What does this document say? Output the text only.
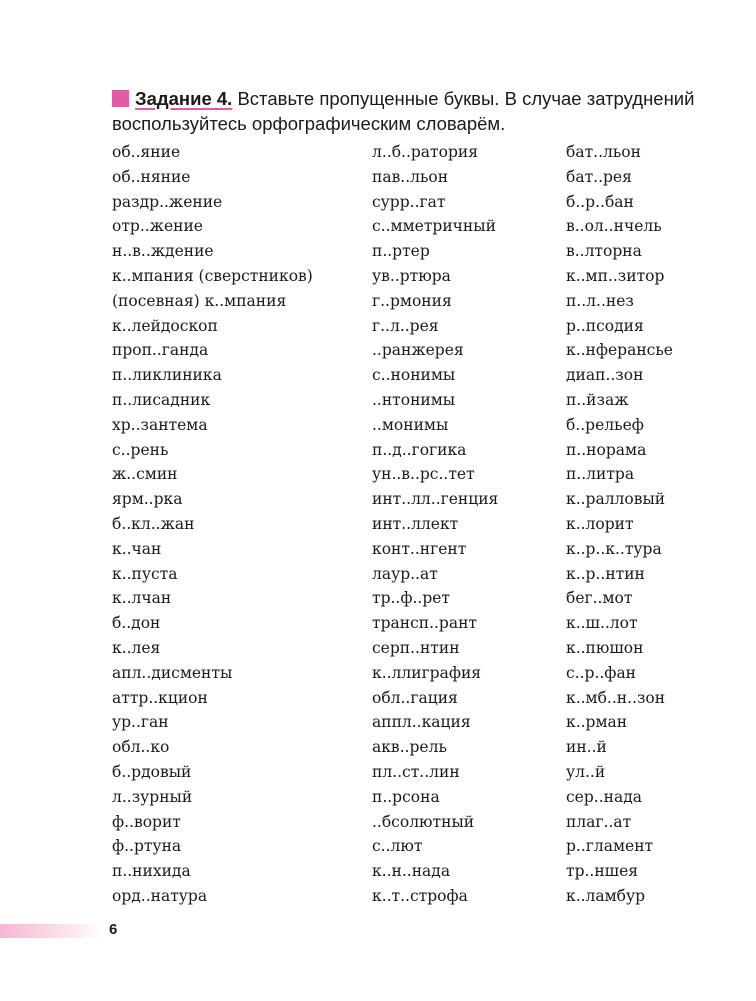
Задание 4. Вставьте пропущенные буквы. В случае затруднений воспользуйтесь орфографическим словарём.
об..яние
об..няние
раздр..жение
отр..жение
н..в..ждение
к..мпания (сверстников)
(посевная) к..мпания
к..лейдоскоп
проп..ганда
п..ликлиника
п..лисадник
хр..зантема
с..рень
ж..смин
ярм..рка
б..кл..жан
к..чан
к..пуста
к..лчан
б..дон
к..лея
апл..дисменты
аттр..кцион
ур..ган
обл..ко
б..рдовый
л..зурный
ф..ворит
ф..ртуна
п..нихида
орд..натура
л..б..ратория
пав..льон
сурр..гат
с..мметричный
п..ртер
ув..ртюра
г..рмония
г..л..рея
..ранжерея
с..нонимы
..нтонимы
..монимы
п..д..гогика
ун..в..рс..тет
инт..лл..генция
инт..ллект
конт..нгент
лаур..ат
тр..ф..рет
трансп..рант
серп..нтин
к..ллиграфия
обл..гация
аппл..кация
акв..рель
пл..ст..лин
п..рсона
..бсолютный
с..лют
к..н..нада
к..т..строфа
бат..льон
бат..рея
б..р..бан
в..ол..нчель
в..лторна
к..мп..зитор
п..л..нез
р..псодия
к..нферансье
диап..зон
п..йзаж
б..рельеф
п..норама
п..литра
к..ралловый
к..лорит
к..р..к..тура
к..р..нтин
бег..мот
к..ш..лот
к..пюшон
с..р..фан
к..мб..н..зон
к..рман
ин..й
ул..й
сер..нада
плаг..ат
р..гламент
тр..ншея
к..ламбур
6
